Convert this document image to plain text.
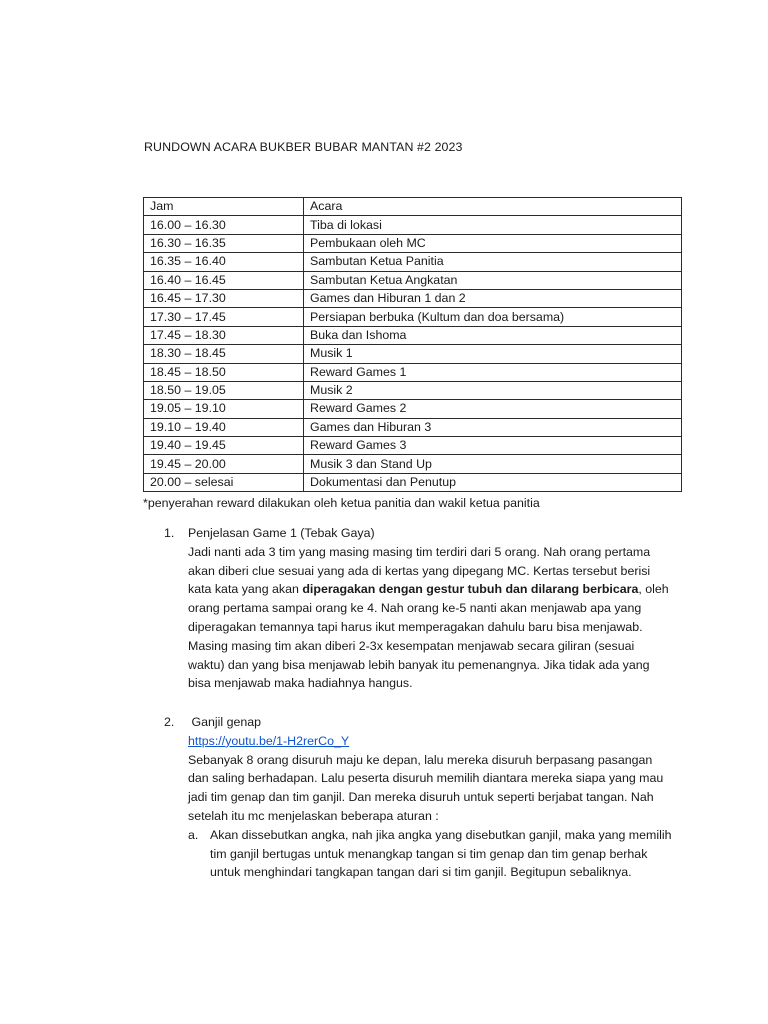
RUNDOWN ACARA BUKBER BUBAR MANTAN #2 2023
Jam	Acara
16.00 – 16.30	Tiba di lokasi
16.30 – 16.35	Pembukaan oleh MC
16.35 – 16.40	Sambutan Ketua Panitia
16.40 – 16.45	Sambutan Ketua Angkatan
16.45 – 17.30	Games dan Hiburan 1 dan 2
17.30 – 17.45	Persiapan berbuka (Kultum dan doa bersama)
17.45 – 18.30	Buka dan Ishoma
18.30 – 18.45	Musik 1
18.45 – 18.50	Reward Games 1
18.50 – 19.05	Musik 2
19.05 – 19.10	Reward Games 2
19.10 – 19.40	Games dan Hiburan 3
19.40 – 19.45	Reward Games 3
19.45 – 20.00	Musik 3 dan Stand Up
20.00 – selesai	Dokumentasi dan Penutup
*penyerahan reward dilakukan oleh ketua panitia dan wakil ketua panitia
1. Penjelasan Game 1 (Tebak Gaya)

Jadi nanti ada 3 tim yang masing masing tim terdiri dari 5 orang. Nah orang pertama akan diberi clue sesuai yang ada di kertas yang dipegang MC. Kertas tersebut berisi kata kata yang akan diperagakan dengan gestur tubuh dan dilarang berbicara, oleh orang pertama sampai orang ke 4. Nah orang ke-5 nanti akan menjawab apa yang diperagakan temannya tapi harus ikut memperagakan dahulu baru bisa menjawab. Masing masing tim akan diberi 2-3x kesempatan menjawab secara giliran (sesuai waktu) dan yang bisa menjawab lebih banyak itu pemenangnya. Jika tidak ada yang bisa menjawab maka hadiahnya hangus.

2. Ganjil genap

https://youtu.be/1-H2rerCo_Y

Sebanyak 8 orang disuruh maju ke depan, lalu mereka disuruh berpasang pasangan dan saling berhadapan. Lalu peserta disuruh memilih diantara mereka siapa yang mau jadi tim genap dan tim ganjil. Dan mereka disuruh untuk seperti berjabat tangan. Nah setelah itu mc menjelaskan beberapa aturan :

a. Akan dissebutkan angka, nah jika angka yang disebutkan ganjil, maka yang memilih tim ganjil bertugas untuk menangkap tangan si tim genap dan tim genap berhak untuk menghindari tangkapan tangan dari si tim ganjil. Begitupun sebaliknya.
